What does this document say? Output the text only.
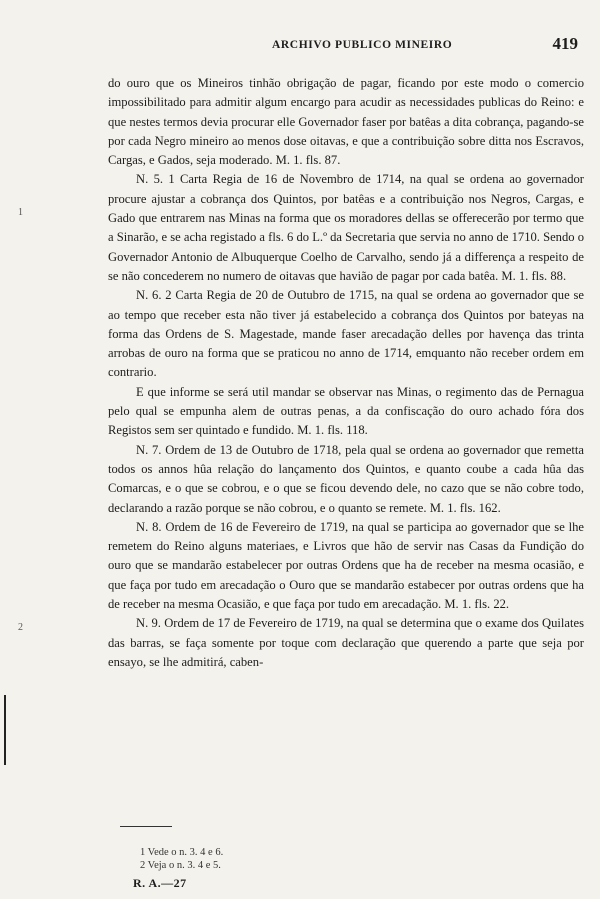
ARCHIVO PUBLICO MINEIRO	419
1
2

do ouro que os Mineiros tinhão obrigação de pagar, ficando por este modo o comercio impossibilitado para admitir algum encargo para acudir as necessidades publicas do Reino: e que nestes termos devia procurar elle Governador faser por batêas a dita cobrança, pagando-se por cada Negro mineiro ao menos dose oitavas, e que a contribuição sobre ditta nos Escravos, Cargas, e Gados, seja moderado. M. 1. fls. 87.

N. 5. 1 Carta Regia de 16 de Novembro de 1714, na qual se ordena ao governador procure ajustar a cobrança dos Quintos, por batêas e a contribuição nos Negros, Cargas, e Gado que entrarem nas Minas na forma que os moradores dellas se offerecerão por termo que a Sinarão, e se acha registado a fls. 6 do L.º da Secretaria que servia no anno de 1710. Sendo o Governador Antonio de Albuquerque Coelho de Carvalho, sendo já a differença a respeito de se não concederem no numero de oitavas que havião de pagar por cada batêa. M. 1. fls. 88.

N. 6. 2 Carta Regia de 20 de Outubro de 1715, na qual se ordena ao governador que se ao tempo que receber esta não tiver já estabelecido a cobrança dos Quintos por bateyas na forma das Ordens de S. Magestade, mande faser arecadação delles por havença das trinta arrobas de ouro na forma que se praticou no anno de 1714, emquanto não receber ordem em contrario.

E que informe se será util mandar se observar nas Minas, o regimento das de Pernagua pelo qual se empunha alem de outras penas, a da confiscação do ouro achado fóra dos Registos sem ser quintado e fundido. M. 1. fls. 118.

N. 7. Ordem de 13 de Outubro de 1718, pela qual se ordena ao governador que remetta todos os annos hûa relação do lançamento dos Quintos, e quanto coube a cada hûa das Comarcas, e o que se cobrou, e o que se ficou devendo dele, no cazo que se não cobre todo, declarando a razão porque se não cobrou, e o quanto se remete. M. 1. fls. 162.

N. 8. Ordem de 16 de Fevereiro de 1719, na qual se participa ao governador que se lhe remetem do Reino alguns materiaes, e Livros que hão de servir nas Casas da Fundição do ouro que se mandarão estabelecer por outras Ordens que ha de receber na mesma ocasião, e que faça por tudo em arecadação o Ouro que se mandarão estabecer por outras ordens que ha de receber na mesma Ocasião, e que faça por tudo em arecadação. M. 1. fls. 22.

N. 9. Ordem de 17 de Fevereiro de 1719, na qual se determina que o exame dos Quilates das barras, se faça somente por toque com declaração que querendo a parte que seja por ensayo, se lhe admitirá, caben-

1 Vede o n. 3. 4 e 6.
2 Veja o n. 3. 4 e 5.
R. A.—27
